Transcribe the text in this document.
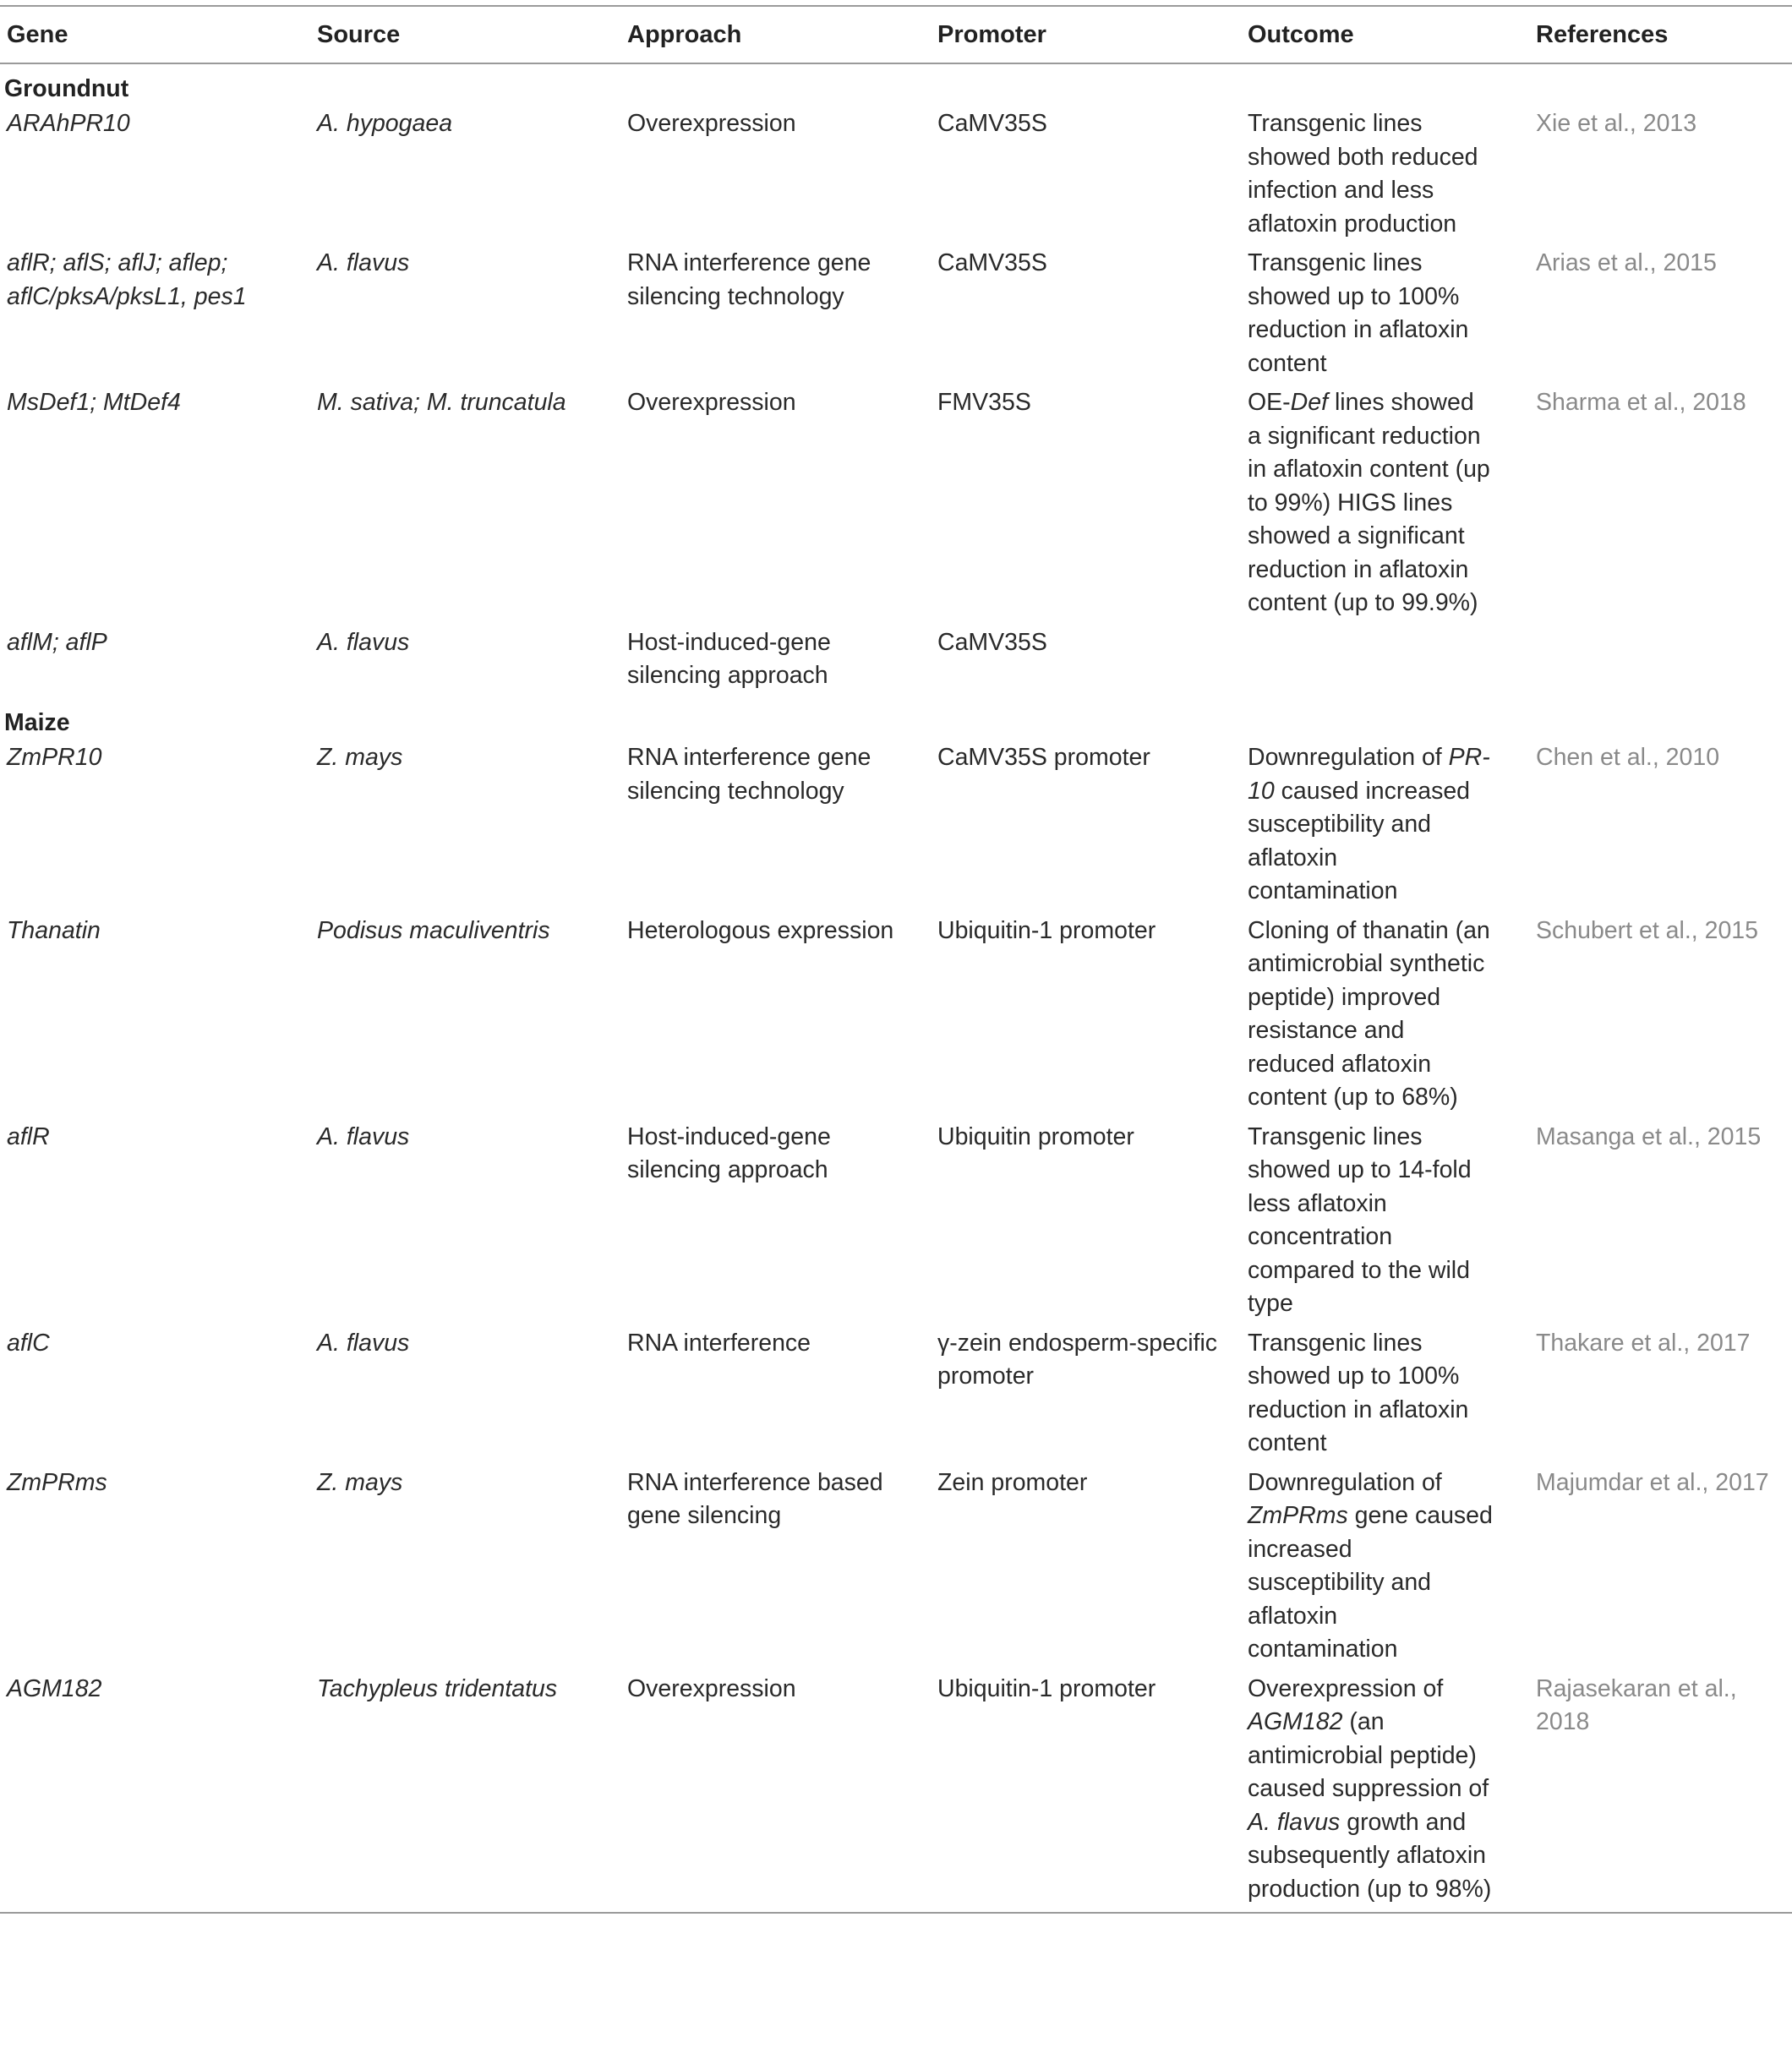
Gene	Source	Approach	Promoter	Outcome	References
Groundnut					
ARAhPR10	A. hypogaea	Overexpression	CaMV35S	Transgenic lines showed both reduced infection and less aflatoxin production	Xie et al., 2013
aflR; aflS; aflJ; aflep; aflC/pksA/pksL1, pes1	A. flavus	RNA interference gene silencing technology	CaMV35S	Transgenic lines showed up to 100% reduction in aflatoxin content	Arias et al., 2015
MsDef1; MtDef4	M. sativa; M. truncatula	Overexpression	FMV35S	OE-Def lines showed a significant reduction in aflatoxin content (up to 99%) HIGS lines showed a significant reduction in aflatoxin content (up to 99.9%)	Sharma et al., 2018
aflM; aflP	A. flavus	Host-induced-gene silencing approach	CaMV35S	

Maize					
ZmPR10	Z. mays	RNA interference gene silencing technology	CaMV35S promoter	Downregulation of PR-10 caused increased susceptibility and aflatoxin contamination	Chen et al., 2010
Thanatin	Podisus maculiventris	Heterologous expression	Ubiquitin-1 promoter	Cloning of thanatin (an antimicrobial synthetic peptide) improved resistance and reduced aflatoxin content (up to 68%)	Schubert et al., 2015
aflR	A. flavus	Host-induced-gene silencing approach	Ubiquitin promoter	Transgenic lines showed up to 14-fold less aflatoxin concentration compared to the wild type	Masanga et al., 2015
aflC	A. flavus	RNA interference	γ-zein endosperm-specific promoter	Transgenic lines showed up to 100% reduction in aflatoxin content	Thakare et al., 2017
ZmPRms	Z. mays	RNA interference based gene silencing	Zein promoter	Downregulation of ZmPRms gene caused increased susceptibility and aflatoxin contamination	Majumdar et al., 2017
AGM182	Tachypleus tridentatus	Overexpression	Ubiquitin-1 promoter	Overexpression of AGM182 (an antimicrobial peptide) caused suppression of A. flavus growth and subsequently aflatoxin production (up to 98%)	Rajasekaran et al., 2018
